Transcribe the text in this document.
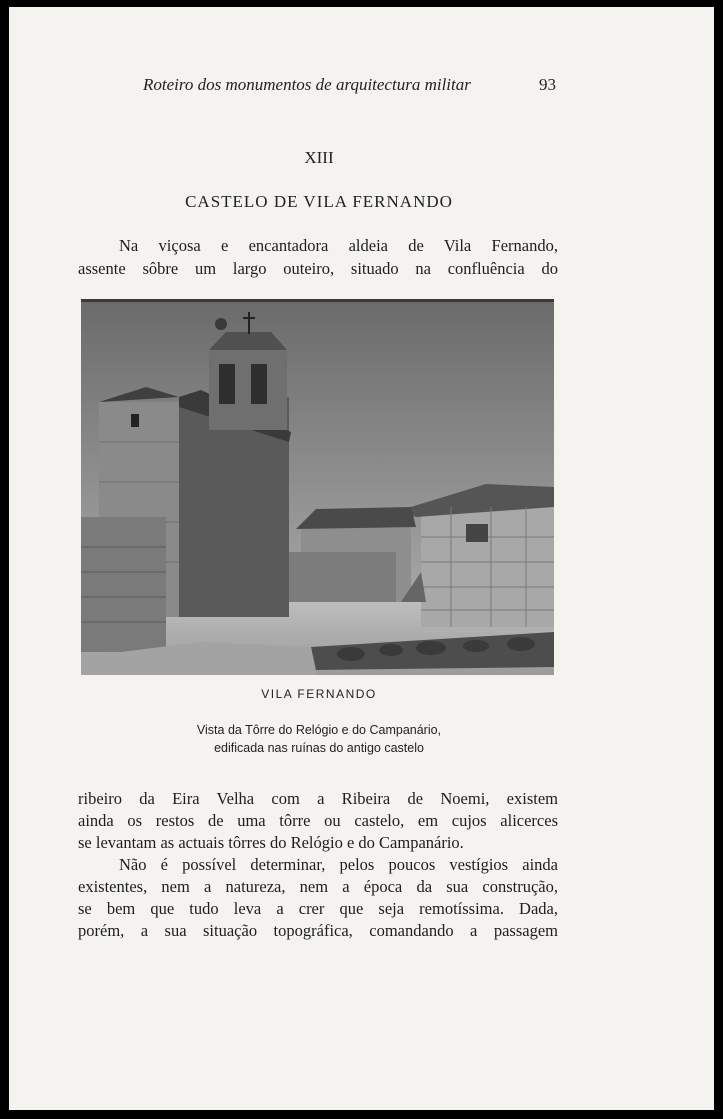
Roteiro dos monumentos de arquitectura militar	93
XIII
CASTELO DE VILA FERNANDO
Na viçosa e encantadora aldeia de Vila Fernando,
assente sôbre um largo outeiro, situado na confluência do
VILA FERNANDO
Vista da Tôrre do Relógio e do Campanário,
edificada nas ruínas do antigo castelo
ribeiro da Eira Velha com a Ribeira de Noemi, existem
ainda os restos de uma tôrre ou castelo, em cujos alicerces
se levantam as actuais tôrres do Relógio e do Campanário.
Não é possível determinar, pelos poucos vestígios ainda
existentes, nem a natureza, nem a época da sua construção,
se bem que tudo leva a crer que seja remotíssima. Dada,
porém, a sua situação topográfica, comandando a passagem
